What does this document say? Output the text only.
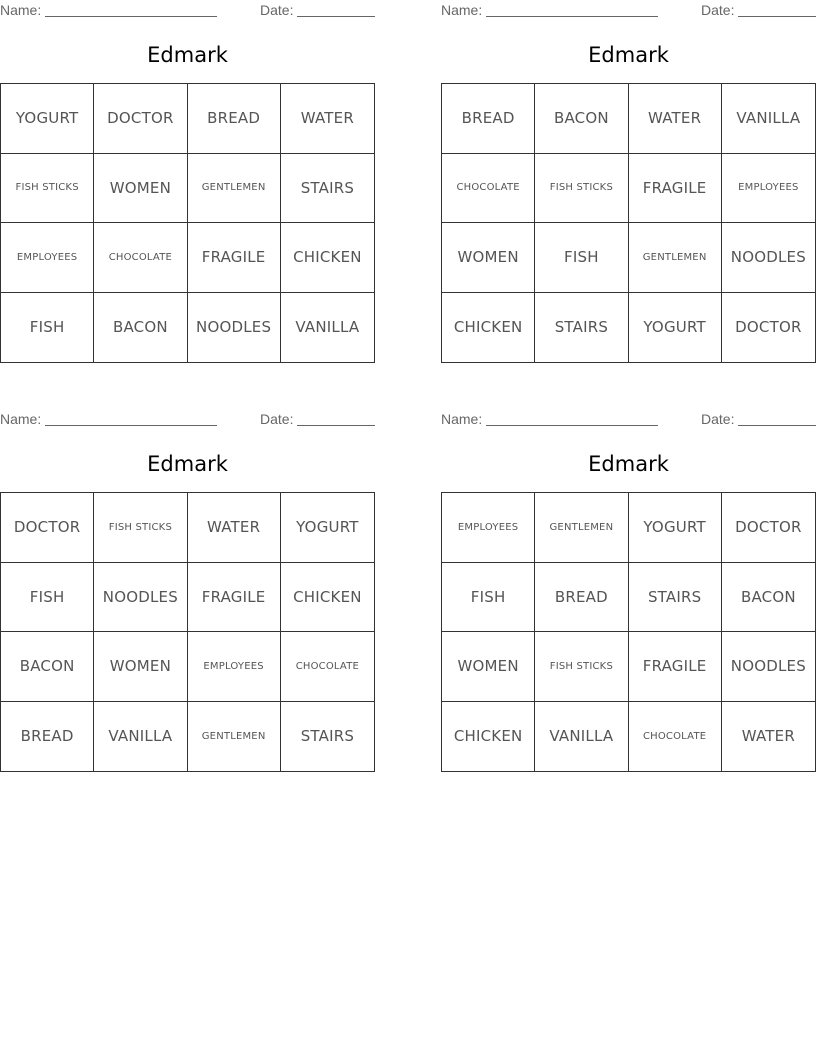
Name:	Date:
Edmark
YOGURT	DOCTOR	BREAD	WATER
FISH STICKS	WOMEN	GENTLEMEN	STAIRS
EMPLOYEES	CHOCOLATE	FRAGILE	CHICKEN
FISH	BACON	NOODLES	VANILLA
Name:	Date:
Edmark
BREAD	BACON	WATER	VANILLA
CHOCOLATE	FISH STICKS	FRAGILE	EMPLOYEES
WOMEN	FISH	GENTLEMEN	NOODLES
CHICKEN	STAIRS	YOGURT	DOCTOR
Name:	Date:
Edmark
DOCTOR	FISH STICKS	WATER	YOGURT
FISH	NOODLES	FRAGILE	CHICKEN
BACON	WOMEN	EMPLOYEES	CHOCOLATE
BREAD	VANILLA	GENTLEMEN	STAIRS
Name:	Date:
Edmark
EMPLOYEES	GENTLEMEN	YOGURT	DOCTOR
FISH	BREAD	STAIRS	BACON
WOMEN	FISH STICKS	FRAGILE	NOODLES
CHICKEN	VANILLA	CHOCOLATE	WATER
